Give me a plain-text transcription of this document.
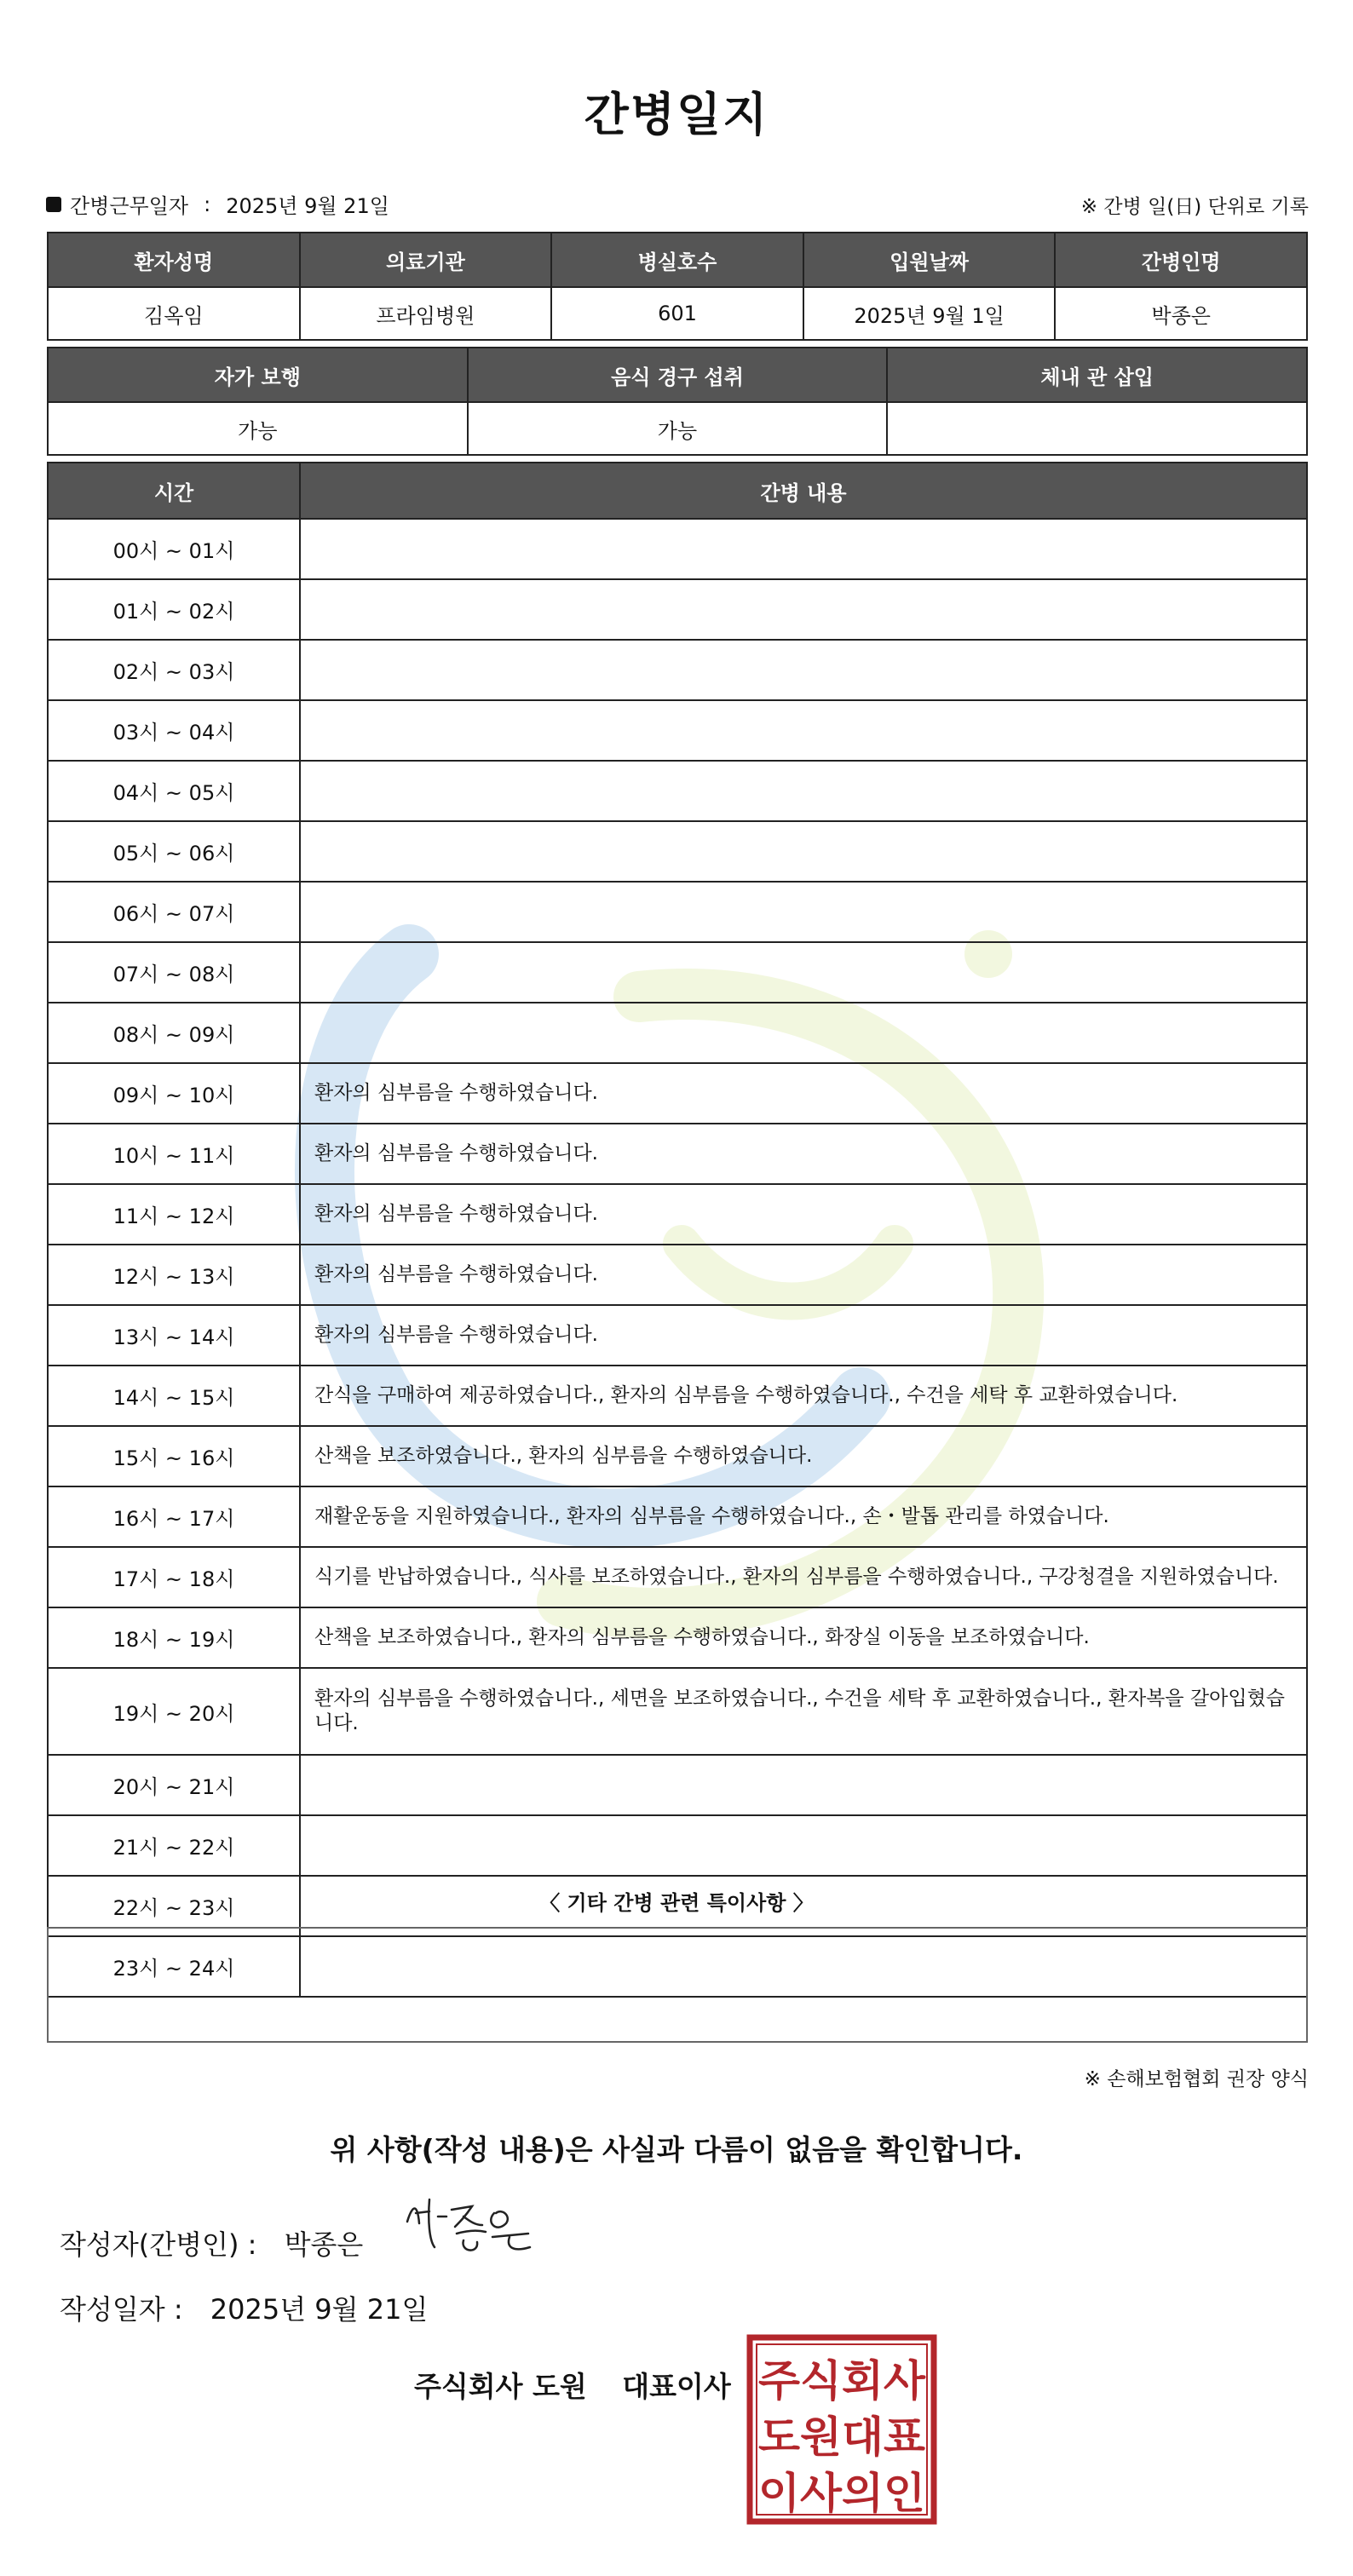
간병일지
간병근무일자 : 2025년 9월 21일	※ 간병 일(日) 단위로 기록
환자성명	의료기관	병실호수	입원날짜	간병인명
김옥임	프라임병원	601	2025년 9월 1일	박종은
자가 보행	음식 경구 섭취	체내 관 삽입
가능	가능	
시간	간병 내용
00시 ~ 01시	
01시 ~ 02시	
02시 ~ 03시	
03시 ~ 04시	
04시 ~ 05시	
05시 ~ 06시	
06시 ~ 07시	
07시 ~ 08시	
08시 ~ 09시	
09시 ~ 10시	환자의 심부름을 수행하였습니다.
10시 ~ 11시	환자의 심부름을 수행하였습니다.
11시 ~ 12시	환자의 심부름을 수행하였습니다.
12시 ~ 13시	환자의 심부름을 수행하였습니다.
13시 ~ 14시	환자의 심부름을 수행하였습니다.
14시 ~ 15시	간식을 구매하여 제공하였습니다., 환자의 심부름을 수행하였습니다., 수건을 세탁 후 교환하였습니다.
15시 ~ 16시	산책을 보조하였습니다., 환자의 심부름을 수행하였습니다.
16시 ~ 17시	재활운동을 지원하였습니다., 환자의 심부름을 수행하였습니다., 손・발톱 관리를 하였습니다.
17시 ~ 18시	식기를 반납하였습니다., 식사를 보조하였습니다., 환자의 심부름을 수행하였습니다., 구강청결을 지원하였습니다.
18시 ~ 19시	산책을 보조하였습니다., 환자의 심부름을 수행하였습니다., 화장실 이동을 보조하였습니다.
19시 ~ 20시	환자의 심부름을 수행하였습니다., 세면을 보조하였습니다., 수건을 세탁 후 교환하였습니다., 환자복을 갈아입혔습니다.
20시 ~ 21시	
21시 ~ 22시	
22시 ~ 23시	
23시 ~ 24시	
〈 기타 간병 관련 특이사항 〉
※ 손해보험협회 권장 양식
위 사항(작성 내용)은 사실과 다름이 없음을 확인합니다.
작성자(간병인) : 박종은
작성일자 : 2025년 9월 21일
주식회사 도원 대표이사 주식회사
도원대표
이사의인
